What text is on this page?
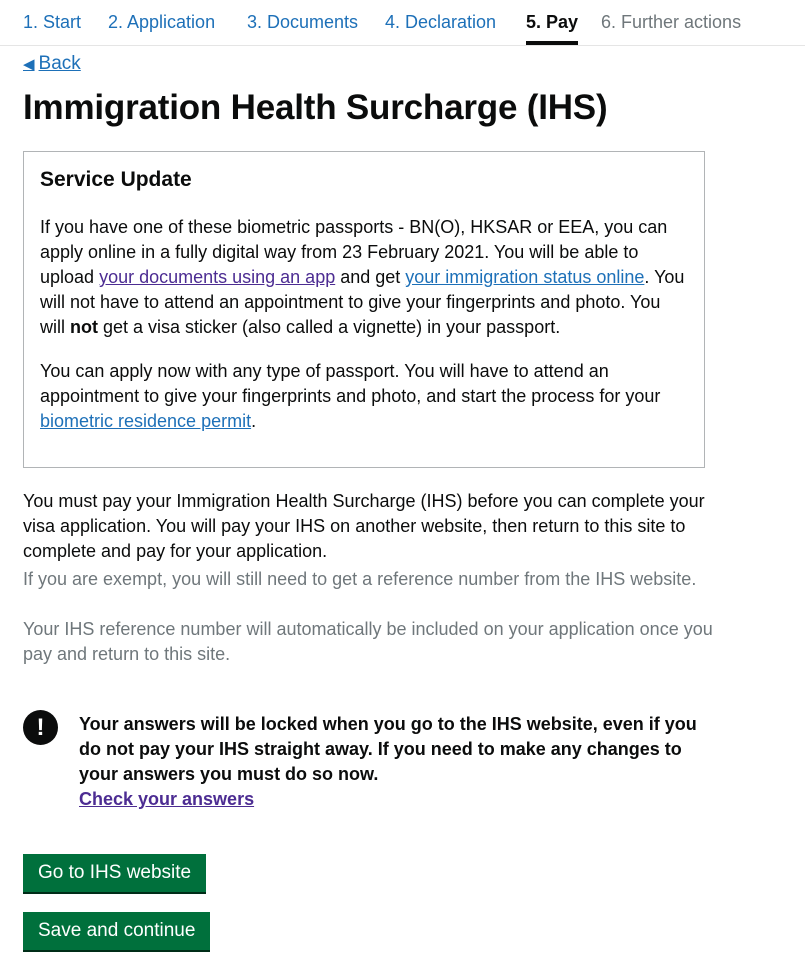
1. Start 2. Application 3. Documents 4. Declaration 5. Pay 6. Further actions
◀ Back
Immigration Health Surcharge (IHS)
Service Update

If you have one of these biometric passports - BN(O), HKSAR or EEA, you can apply online in a fully digital way from 23 February 2021. You will be able to upload your documents using an app and get your immigration status online. You will not have to attend an appointment to give your fingerprints and photo. You will not get a visa sticker (also called a vignette) in your passport.

You can apply now with any type of passport. You will have to attend an appointment to give your fingerprints and photo, and start the process for your biometric residence permit.

You must pay your Immigration Health Surcharge (IHS) before you can complete your visa application. You will pay your IHS on another website, then return to this site to complete and pay for your application.

If you are exempt, you will still need to get a reference number from the IHS website.

Your IHS reference number will automatically be included on your application once you pay and return to this site.

!	Your answers will be locked when you go to the IHS website, even if you do not pay your IHS straight away. If you need to make any changes to your answers you must do so now.

Check your answers
Go to IHS website
Save and continue
